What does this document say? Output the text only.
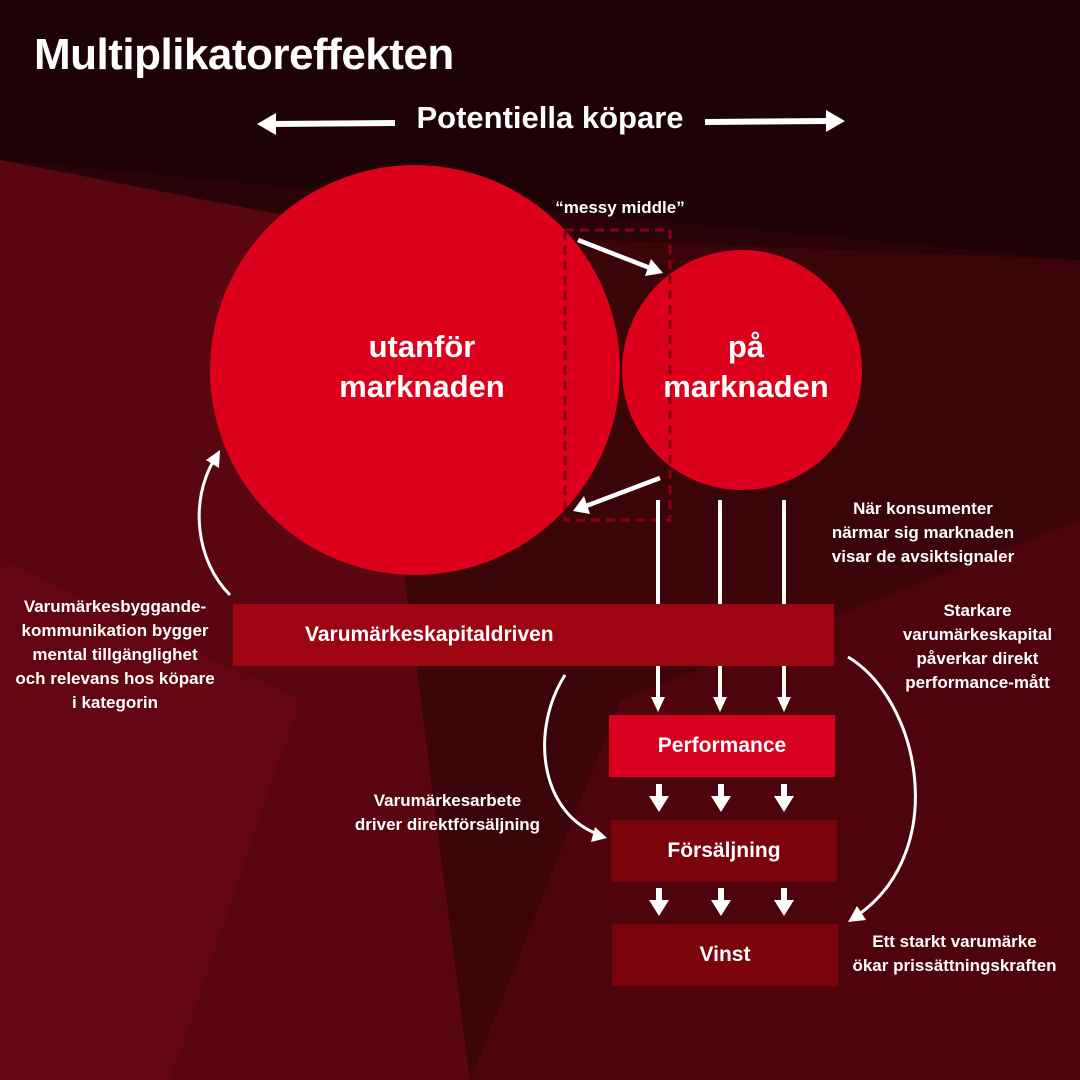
Multiplikatoreffekten
Potentiella köpare
“messy middle”
utanför
marknaden
på
marknaden
Varumärkeskapitaldriven
Performance
Försäljning
Vinst
Varumärkesbyggande-
kommunikation bygger
mental tillgänglighet
och relevans hos köpare
i kategorin
När konsumenter
närmar sig marknaden
visar de avsiktsignaler
Starkare
varumärkeskapital
påverkar direkt
performance-mått
Varumärkesarbete
driver direktförsäljning
Ett starkt varumärke
ökar prissättningskraften
